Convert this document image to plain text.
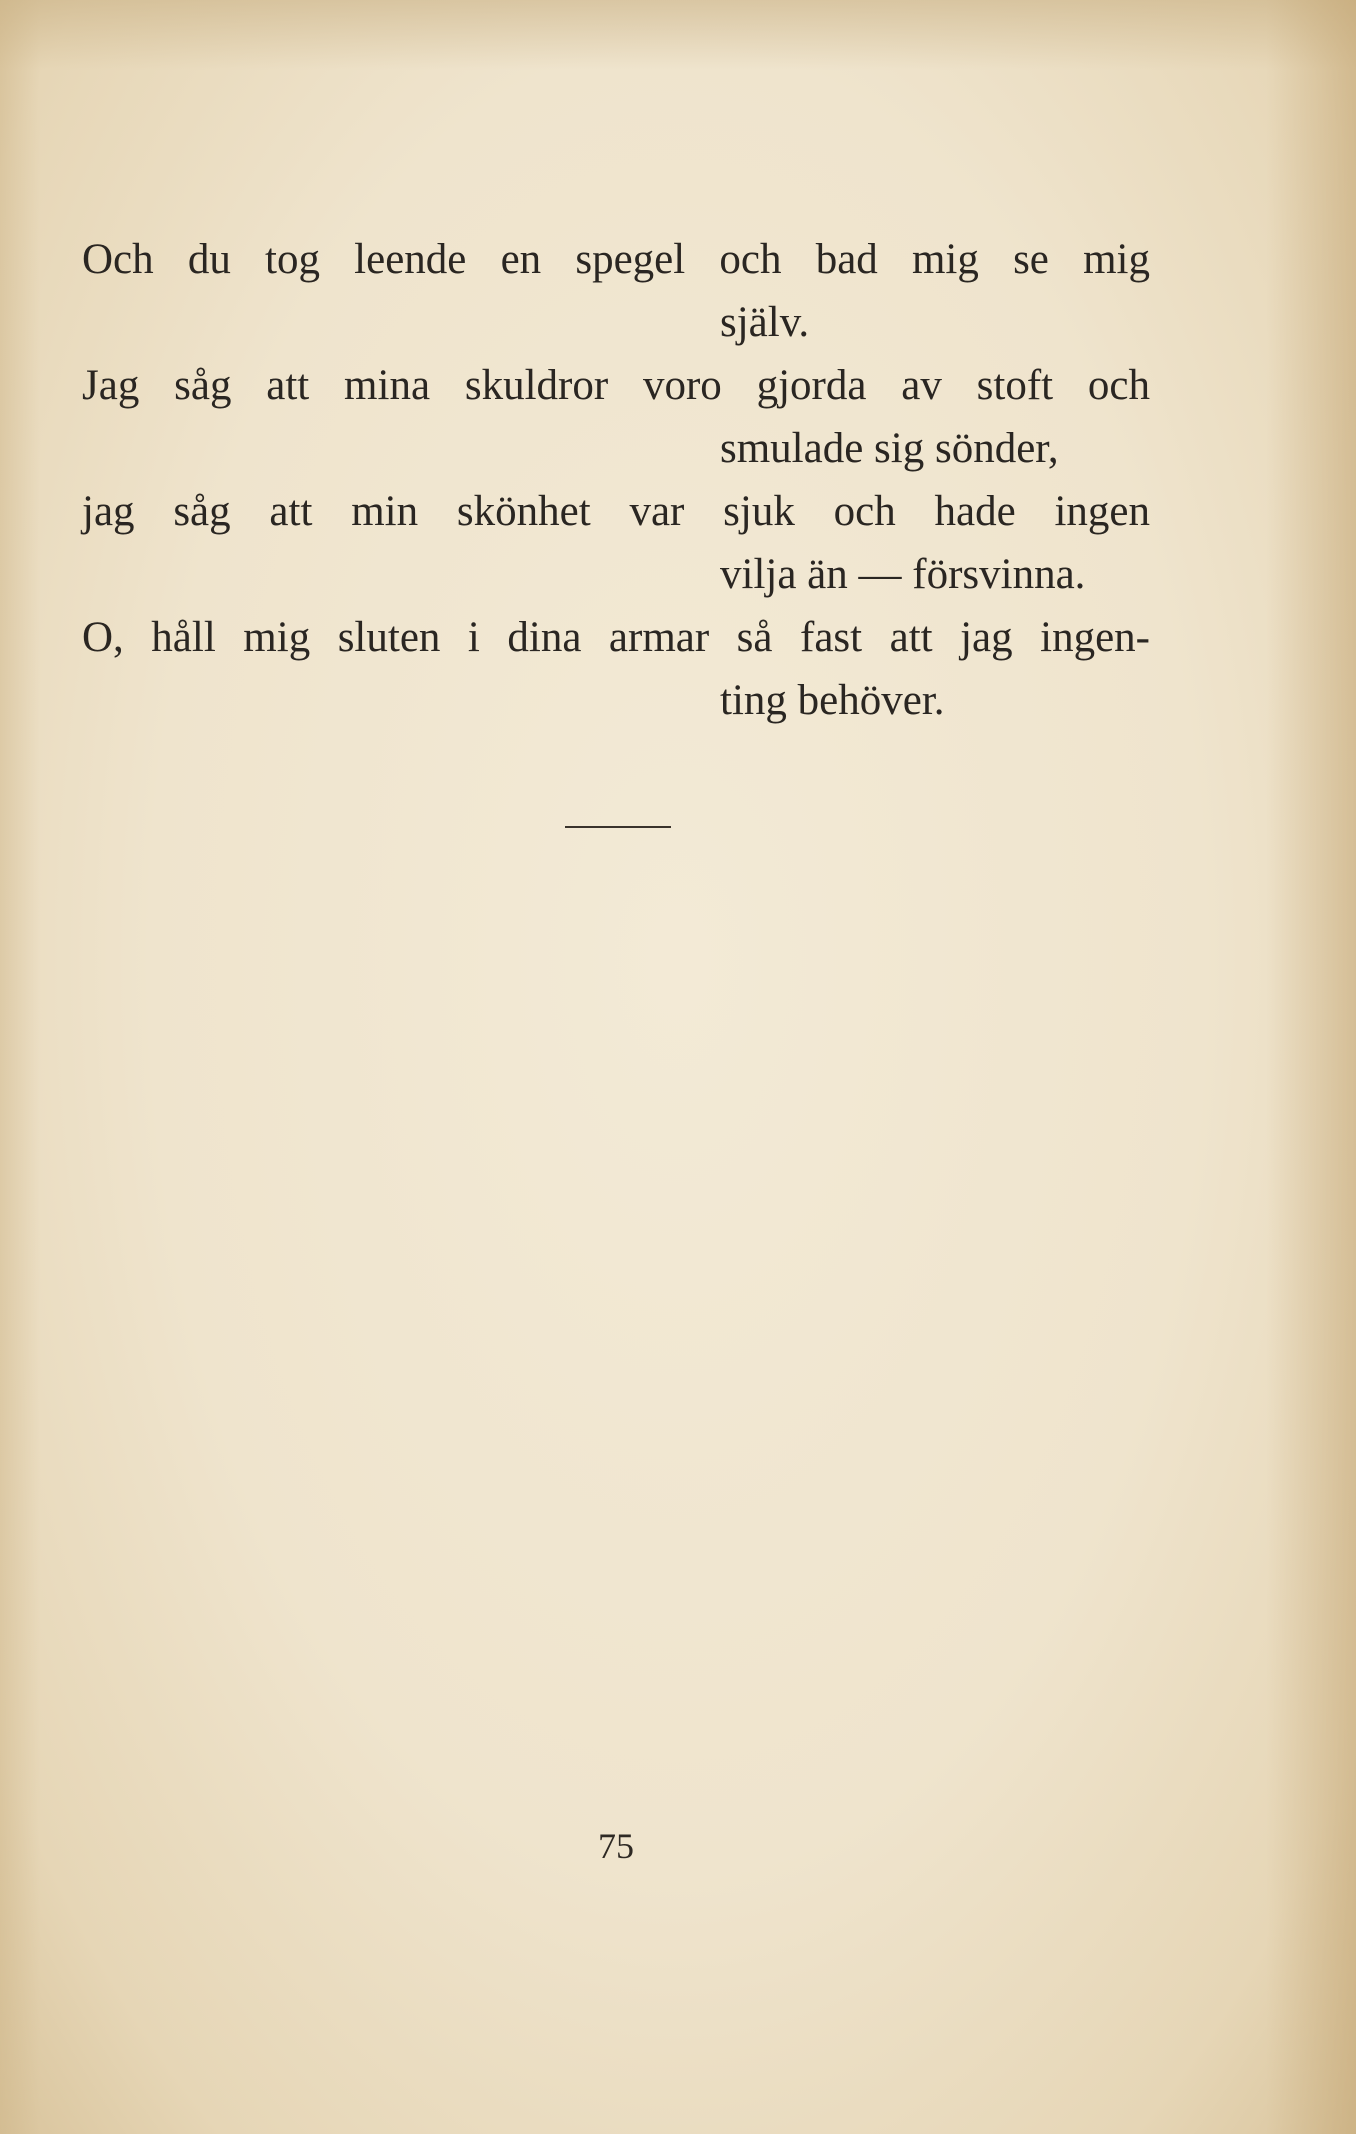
Och du tog leende en spegel och bad mig se mig
själv.
Jag såg att mina skuldror voro gjorda av stoft och
smulade sig sönder,
jag såg att min skönhet var sjuk och hade ingen
vilja än — försvinna.
O, håll mig sluten i dina armar så fast att jag ingen-
ting behöver.
75
